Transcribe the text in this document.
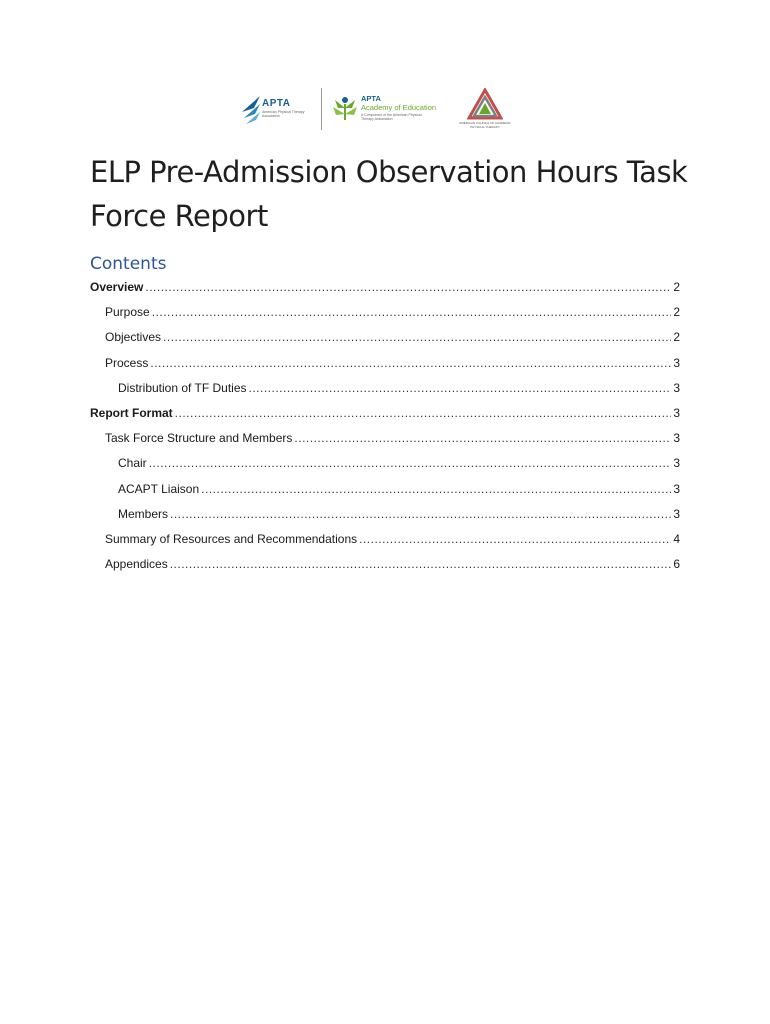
APTA
American Physical Therapy Association
APTA
Academy of Education
A Component of the American Physical Therapy Association
AMERICAN COUNCIL OF ACADEMIC PHYSICAL THERAPY
ELP Pre-Admission Observation Hours Task Force Report
Contents
Overview .....	2
Purpose .....	2
Objectives .....	2
Process .....	3
Distribution of TF Duties .....	3
Report Format .....	3
Task Force Structure and Members .....	3
Chair .....	3
ACAPT Liaison .....	3
Members .....	3
Summary of Resources and Recommendations .....	4
Appendices .....	6
